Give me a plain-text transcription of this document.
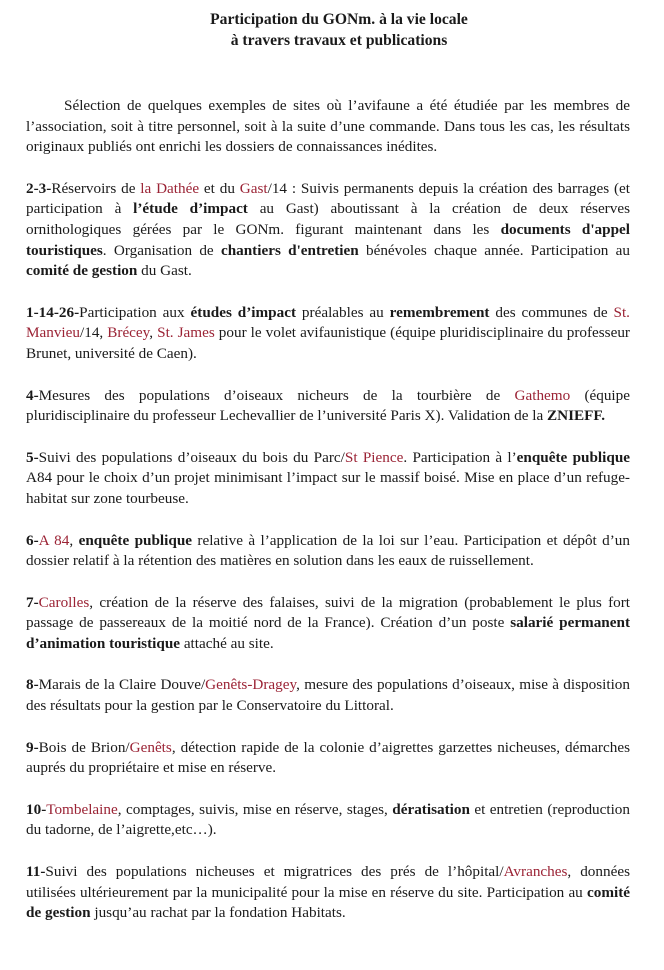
Participation du GONm. à la vie locale
à travers travaux et publications

Sélection de quelques exemples de sites où l’avifaune a été étudiée par les membres de l’association, soit à titre personnel, soit à la suite d’une commande. Dans tous les cas, les résultats originaux publiés ont enrichi les dossiers de connaissances inédites.

2-3-Réservoirs de la Dathée et du Gast/14 : Suivis permanents depuis la création des barrages (et participation à l’étude d’impact au Gast) aboutissant à la création de deux réserves ornithologiques gérées par le GONm. figurant maintenant dans les documents d'appel touristiques. Organisation de chantiers d'entretien bénévoles chaque année. Participation au comité de gestion du Gast.

1-14-26-Participation aux études d’impact préalables au remembrement des communes de St. Manvieu/14, Brécey, St. James pour le volet avifaunistique (équipe pluridisciplinaire du professeur Brunet, université de Caen).

4-Mesures des populations d’oiseaux nicheurs de la tourbière de Gathemo (équipe pluridisciplinaire du professeur Lechevallier de l’université Paris X). Validation de la ZNIEFF.

5-Suivi des populations d’oiseaux du bois du Parc/St Pience. Participation à l’enquête publique A84 pour le choix d’un projet minimisant l’impact sur le massif boisé. Mise en place d’un refuge-habitat sur zone tourbeuse.

6-A 84, enquête publique relative à l’application de la loi sur l’eau. Participation et dépôt d’un dossier relatif à la rétention des matières en solution dans les eaux de ruissellement.

7-Carolles, création de la réserve des falaises, suivi de la migration (probablement le plus fort passage de passereaux de la moitié nord de la France). Création d’un poste salarié permanent d’animation touristique attaché au site.

8-Marais de la Claire Douve/Genêts-Dragey, mesure des populations d’oiseaux, mise à disposition des résultats pour la gestion par le Conservatoire du Littoral.

9-Bois de Brion/Genêts, détection rapide de la colonie d’aigrettes garzettes nicheuses, démarches auprés du propriétaire et mise en réserve.

10-Tombelaine, comptages, suivis, mise en réserve, stages, dératisation et entretien (reproduction du tadorne, de l’aigrette,etc…).

11-Suivi des populations nicheuses et migratrices des prés de l’hôpital/Avranches, données utilisées ultérieurement par la municipalité pour la mise en réserve du site. Participation au comité de gestion jusqu’au rachat par la fondation Habitats.
